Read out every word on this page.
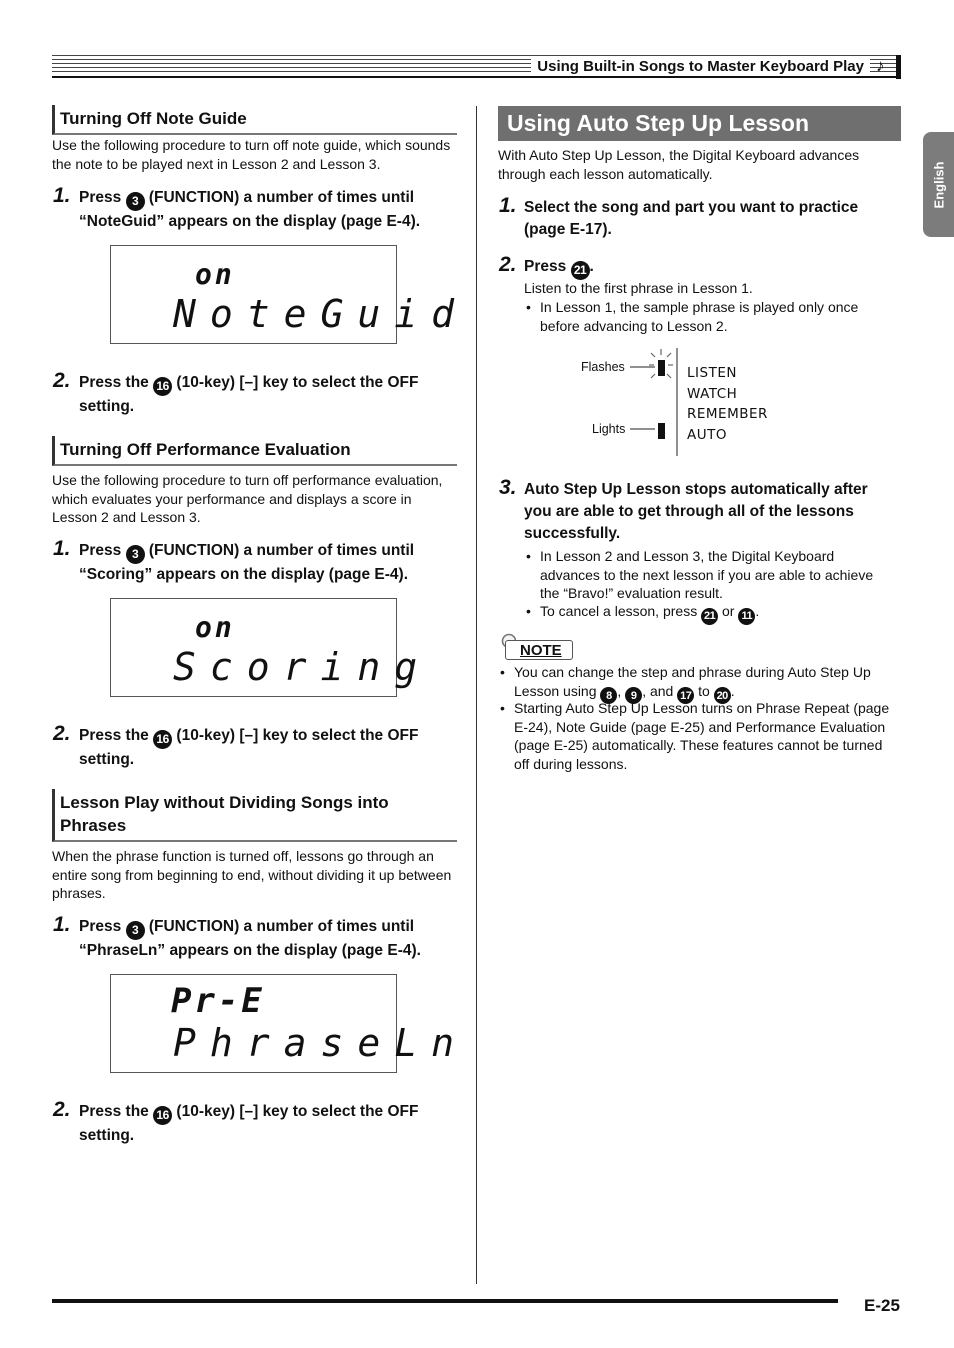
Using Built-in Songs to Master Keyboard Play ♪
English
Turning Off Note Guide
Use the following procedure to turn off note guide, which sounds the note to be played next in Lesson 2 and Lesson 3.
1. Press 3 (FUNCTION) a number of times until “NoteGuid” appears on the display (page E-4).
on
NoteGuid
2. Press the 16 (10-key) [–] key to select the OFF setting.
Turning Off Performance Evaluation
Use the following procedure to turn off performance evaluation, which evaluates your performance and displays a score in Lesson 2 and Lesson 3.
1. Press 3 (FUNCTION) a number of times until “Scoring” appears on the display (page E-4).
on
Scoring
2. Press the 16 (10-key) [–] key to select the OFF setting.
Lesson Play without Dividing Songs into Phrases
When the phrase function is turned off, lessons go through an entire song from beginning to end, without dividing it up between phrases.
1. Press 3 (FUNCTION) a number of times until “PhraseLn” appears on the display (page E-4).
Pr-E
PhraseLn
2. Press the 16 (10-key) [–] key to select the OFF setting.
Using Auto Step Up Lesson
With Auto Step Up Lesson, the Digital Keyboard advances through each lesson automatically.
1. Select the song and part you want to practice (page E-17).
2. Press 21 .
Listen to the first phrase in Lesson 1.
• In Lesson 1, the sample phrase is played only once before advancing to Lesson 2.
Flashes
Lights
LISTEN
WATCH
REMEMBER
AUTO
3. Auto Step Up Lesson stops automatically after you are able to get through all of the lessons successfully.
• In Lesson 2 and Lesson 3, the Digital Keyboard advances to the next lesson if you are able to achieve the “Bravo!” evaluation result.
• To cancel a lesson, press 21 or 11 .
NOTE
• You can change the step and phrase during Auto Step Up Lesson using 8 , 9 , and 17 to 20 .
• Starting Auto Step Up Lesson turns on Phrase Repeat (page E-24), Note Guide (page E-25) and Performance Evaluation (page E-25) automatically. These features cannot be turned off during lessons.
E-25
